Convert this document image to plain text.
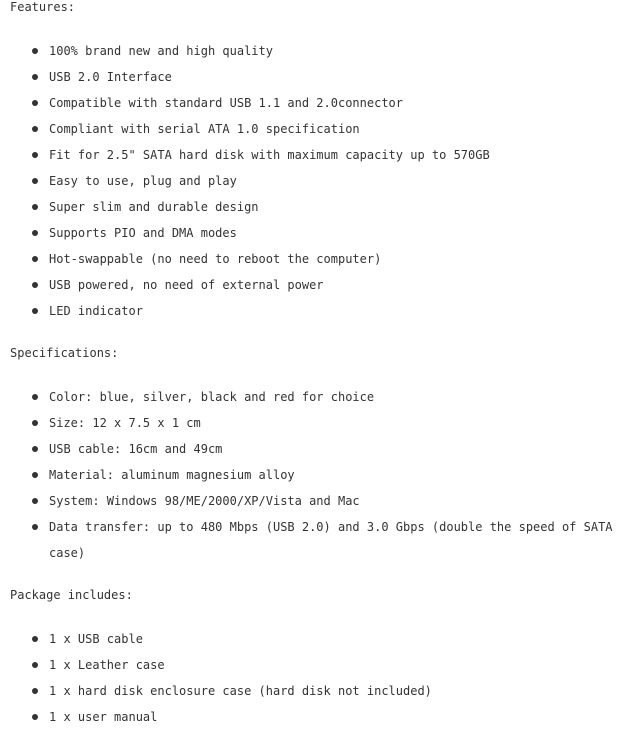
Features:
100% brand new and high quality
USB 2.0 Interface
Compatible with standard USB 1.1 and 2.0connector
Compliant with serial ATA 1.0 specification
Fit for 2.5" SATA hard disk with maximum capacity up to 570GB
Easy to use, plug and play
Super slim and durable design
Supports PIO and DMA modes
Hot-swappable (no need to reboot the computer)
USB powered, no need of external power
LED indicator
Specifications:
Color: blue, silver, black and red for choice
Size: 12 x 7.5 x 1 cm
USB cable: 16cm and 49cm
Material: aluminum magnesium alloy
System: Windows 98/ME/2000/XP/Vista and Mac
Data transfer: up to 480 Mbps (USB 2.0) and 3.0 Gbps (double the speed of SATA case)
Package includes:
1 x USB cable
1 x Leather case
1 x hard disk enclosure case (hard disk not included)
1 x user manual
